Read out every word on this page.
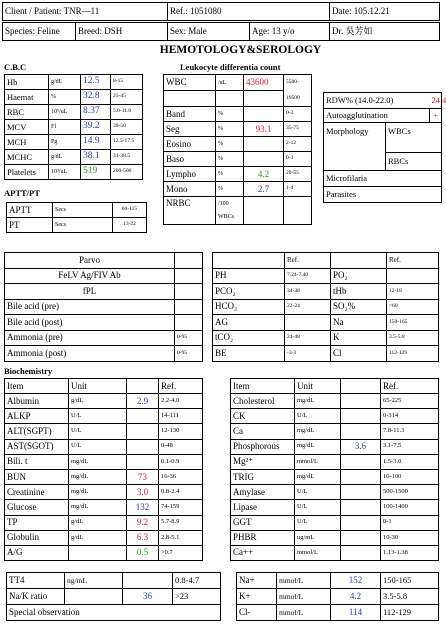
Client / Patient: TNR—11	Ref.: 1051080	Date: 105.12.21
Species: Feline	Breed: DSH	Sex: Male	Age: 13 y/o	Dr. 吳芳如
HEMOTOLOGY&SEROLOGY
C.B.C
Hb	g/dL	12.5	8-15
Haemat	%	32.8	25-45
RBC	10⁶/uL	8.37	5.0-11.0
MCV	Fl	39.2	39-50
MCH	Pg	14.9	12.5-17.5
MCHC	g/dL	38.1	31-38.5
Platelets	10³/uL	519	200-500
Leukocyte differentia count
WBC	/uL	43600	5500-
			19500
Band	%		0-3
Seg	%	93.1	35-75
Eosino	%		2-12
Baso	%		0-3
Lympho	%	4.2	20-55
Mono	%	2.7	1-4
NRBC	/100		
	WBCs		
RDW% (14.0-22.0)		24.4
Autoagglutination		+
Morphology	WBCs	
	RBCs	
Microfilaria		
Parasites		
APTT/PT
APTT	Secs	60-115
PT	Secs	13-22
Parvo	
FeLV Ag/FIV Ab	
fPL	
Bile acid (pre)	
Bile acid (post)	
Ammonia (pre)	0-95
Ammonia (post)	0-95
	Ref.		Ref.
PH	7.24-7.40	PO₂	
PCO₂	34-38	tHb	12-18
HCO₃	22-24	SO₂%	<60
AG		Na	150-165
tCO₂	24-48	K	3.5-5.8
BE	-3-3	Cl	112-129
Biochemistry
Item	Unit		Ref.
Albumin	g/dL	2.9	2.2-4.0
ALKP	U/L		14-111
ALT(SGPT)	U/L		12-130
AST(SGOT)	U/L		0-48
Bili. t	mg/dL		0.1-0.9
BUN	mg/dL	73	16-36
Creatinine	mg/dL	3.0	0.8-2.4
Glucose	mg/dL	132	74-159
TP	g/dL	9.2	5.7-8.9
Globulin	g/dL	6.3	2.8-5.1
A/G		0.5	>0.7
Item	Unit		Ref.
Cholesterol	mg/dL		65-225
CK	U/L		0-314
Ca	mg/dL		7.8-11.3
Phosphorous	mg/dL	3.6	3.1-7.5
Mg²⁺	mmol/L		1.5-3.0
TRIG	mg/dL		10-100
Amylase	U/L		500-1500
Lipase	U/L		100-1400
GGT	U/L		0-1
PHBR	ug/mL		10-30
Ca++	mmol/L		1.13-1.38
TT4	ng/mL		0.8-4.7
Na/K ratio		36	>23
Special observation			
Na+	mmol/L	152	150-165
K+	mmol/L	4.2	3.5-5.8
Cl-	mmol/L	114	112-129
